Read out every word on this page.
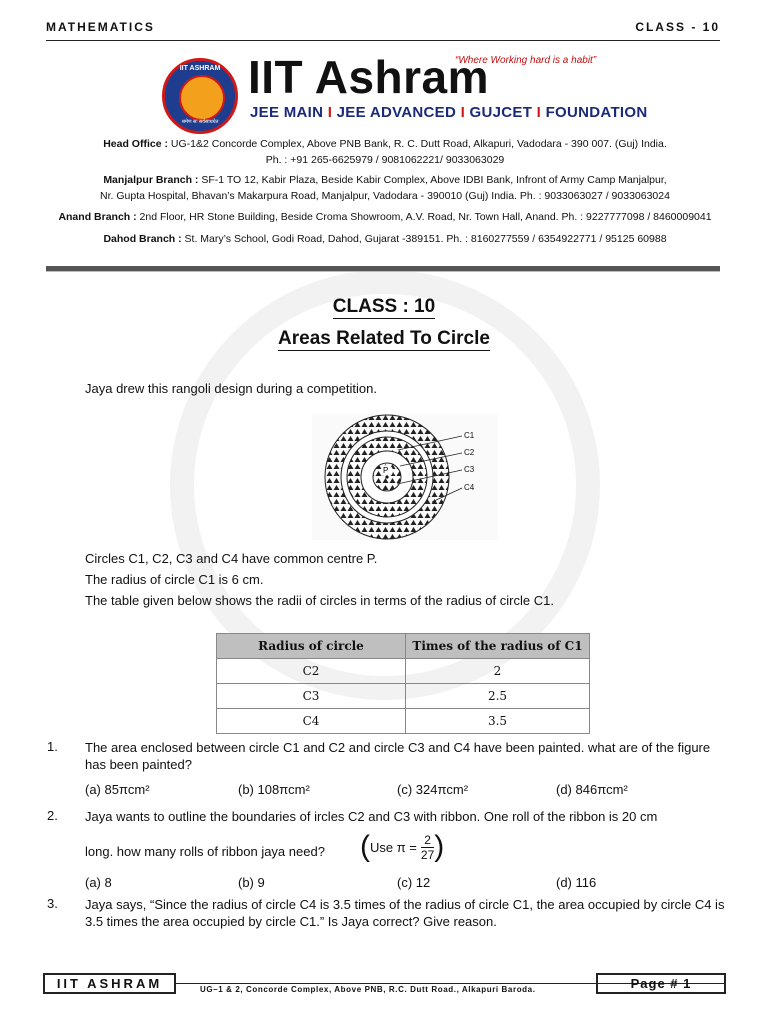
MATHEMATICS	CLASS - 10
IIT ASHRAM
श्रमेण सः सर्वसाधयेत
IIT Ashram
“Where Working hard is a habit”
JEE MAIN I JEE ADVANCED I GUJCET I FOUNDATION
Head Office : UG-1&2 Concorde Complex, Above PNB Bank, R. C. Dutt Road, Alkapuri, Vadodara - 390 007. (Guj) India.
Ph. : +91 265-6625979 / 9081062221/ 9033063029
Manjalpur Branch : SF-1 TO 12, Kabir Plaza, Beside Kabir Complex, Above IDBI Bank, Infront of Army Camp Manjalpur,
Nr. Gupta Hospital, Bhavan’s Makarpura Road, Manjalpur, Vadodara - 390010 (Guj) India. Ph. : 9033063027 / 9033063024
Anand Branch : 2nd Floor, HR Stone Building, Beside Croma Showroom, A.V. Road, Nr. Town Hall, Anand. Ph. : 9227777098 / 8460009041
Dahod Branch : St. Mary’s School, Godi Road, Dahod, Gujarat -389151. Ph. : 8160277559 / 6354922771 / 95125 60988
CLASS : 10
Areas Related To Circle
Jaya drew this rangoli design during a competition.
P
C1
C2
C3
C4
Circles C1, C2, C3 and C4 have common centre P.
The radius of circle C1 is 6 cm.
The table given below shows the radii of circles in terms of the radius of circle C1.
Radius of circle	Times of the radius of C1
C2	2
C3	2.5
C4	3.5
1. The area enclosed between circle C1 and C2 and circle C3 and C4 have been painted. what are of the figure has been painted?
(a) 85πcm²	(b) 108πcm²	(c) 324πcm²	(d) 846πcm²
2. Jaya wants to outline the boundaries of ircles C2 and C3 with ribbon. One roll of the ribbon is 20 cm
long. how many rolls of ribbon jaya need? ( Use $\pi = \frac{2}{27}$ )
(a) 8	(b) 9	(c) 12	(d) 116
3. Jaya says, “Since the radius of circle C4 is 3.5 times of the radius of circle C1, the area occupied by circle C4 is 3.5 times the area occupied by circle C1.” Is Jaya correct? Give reason.
IIT ASHRAM	UG–1 & 2, Concorde Complex, Above PNB, R.C. Dutt Road., Alkapuri Baroda.	Page # 1
